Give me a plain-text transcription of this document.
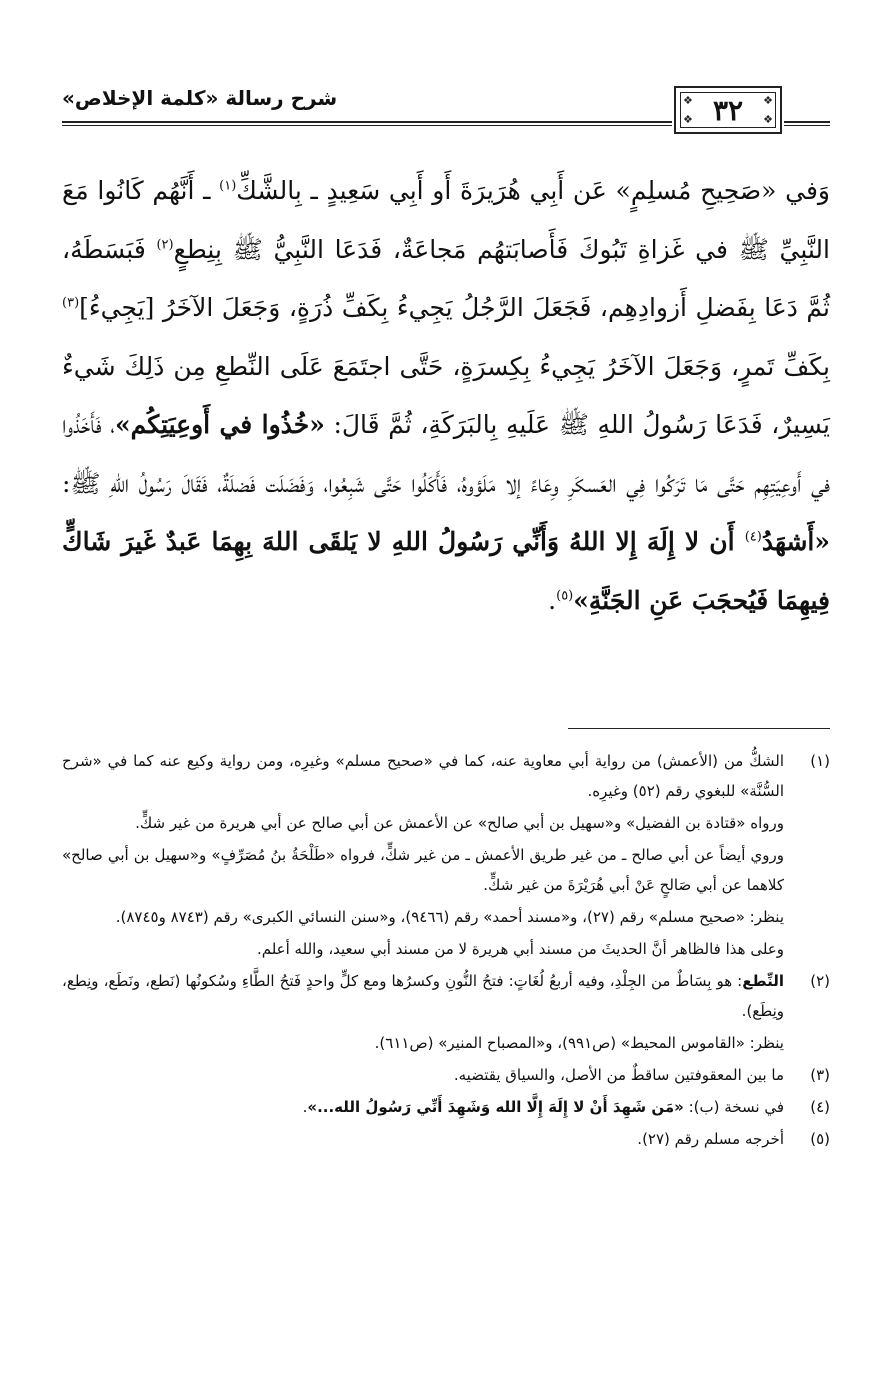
شرح رسالة «كلمة الإخلاص»	❖	❖
❖	❖
٣٢

وَفي «صَحِيحِ مُسلِمٍ» عَن أَبِي هُرَيرَةَ أَو أَبِي سَعِيدٍ ـ بِالشَّكِّ$^{(١)}$ ـ أَنَّهُم كَانُوا مَعَ النَّبِيِّ ﷺ في غَزاةِ تَبُوكَ فَأَصابَتهُم مَجاعَةٌ، فَدَعَا النَّبِيُّ ﷺ بِنِطعٍ$^{(٢)}$ فَبَسَطَهُ، ثُمَّ دَعَا بِفَضلِ أَزوادِهِم، فَجَعَلَ الرَّجُلُ يَجِيءُ بِكَفِّ ذُرَةٍ، وَجَعَلَ الآخَرُ [يَجِيءُ]$^{(٣)}$ بِكَفِّ تَمرٍ، وَجَعَلَ الآخَرُ يَجِيءُ بِكِسرَةٍ، حَتَّى اجتَمَعَ عَلَى النِّطعِ مِن ذَلِكَ شَيءٌ يَسِيرٌ، فَدَعَا رَسُولُ اللهِ ﷺ عَلَيهِ بِالبَرَكَةِ، ثُمَّ قَالَ: «خُذُوا في أَوعِيَتِكُم»، فَأَخَذُوا في أَوعِيَتِهِم حَتَّى مَا تَرَكُوا فِي العَسكَرِ وِعَاءً إلا مَلَؤوهُ، فَأَكَلُوا حَتَّى شَبِعُوا، وَفَضَلَت فَضلَةٌ، فَقَالَ رَسُولُ اللهِ ﷺ: «أَشهَدُ$^{(٤)}$ أَن لا إِلَهَ إِلا اللهُ وَأَنِّي رَسُولُ اللهِ لا يَلقَى اللهَ بِهِمَا عَبدٌ غَيرَ شَاكٍّ فِيهِمَا فَيُحجَبَ عَنِ الجَنَّةِ»$^{(٥)}$.

(١)

الشكُّ من (الأعمش) من رواية أبي معاوية عنه، كما في «صحيح مسلم» وغيرِه، ومن رواية وكيع عنه كما في «شرح السُّنَّة» للبغوي رقم (٥٢) وغيرِه.

ورواه «قتادة بن الفضيل» و«سهيل بن أبي صالح» عن الأعمش عن أبي صالح عن أبي هريرة من غير شكٍّ.

وروي أيضاً عن أبي صالح ـ من غير طريق الأعمش ـ من غير شكٍّ، فرواه «طَلْحَةُ بنُ مُصَرِّفٍ» و«سهيل بن أبي صالح» كلاهما عن أبي صَالحٍ عَنْ أبي هُرَيْرَةَ من غير شكٍّ.

ينظر: «صحيح مسلم» رقم (٢٧)، و«مسند أحمد» رقم (٩٤٦٦)، و«سنن النسائي الكبرى» رقم (٨٧٤٣ و٨٧٤٥).

وعلى هذا فالظاهر أنَّ الحديثَ من مسند أبي هريرة لا من مسند أبي سعيد، والله أعلم.

(٢)

النِّطع: هو بِسَاطٌ من الجِلْدِ، وفيه أربعُ لُغَاتٍ: فتحُ النُّونِ وكسرُها ومع كلٍّ واحدٍ فَتحُ الطَّاءِ وسُكونُها (نَطع، ونَطَع، ونِطع، ونِطَع).

ينظر: «القاموس المحيط» (ص٩٩١)، و«المصباح المنير» (ص٦١١).

(٣)

ما بين المعقوفتين ساقطٌ من الأصل، والسياق يقتضيه.

(٤)

في نسخة (ب): «مَن شَهِدَ أَنْ لا إِلَهَ إِلَّا الله وَشَهِدَ أَنِّي رَسُولُ الله...».

(٥)

أخرجه مسلم رقم (٢٧).
